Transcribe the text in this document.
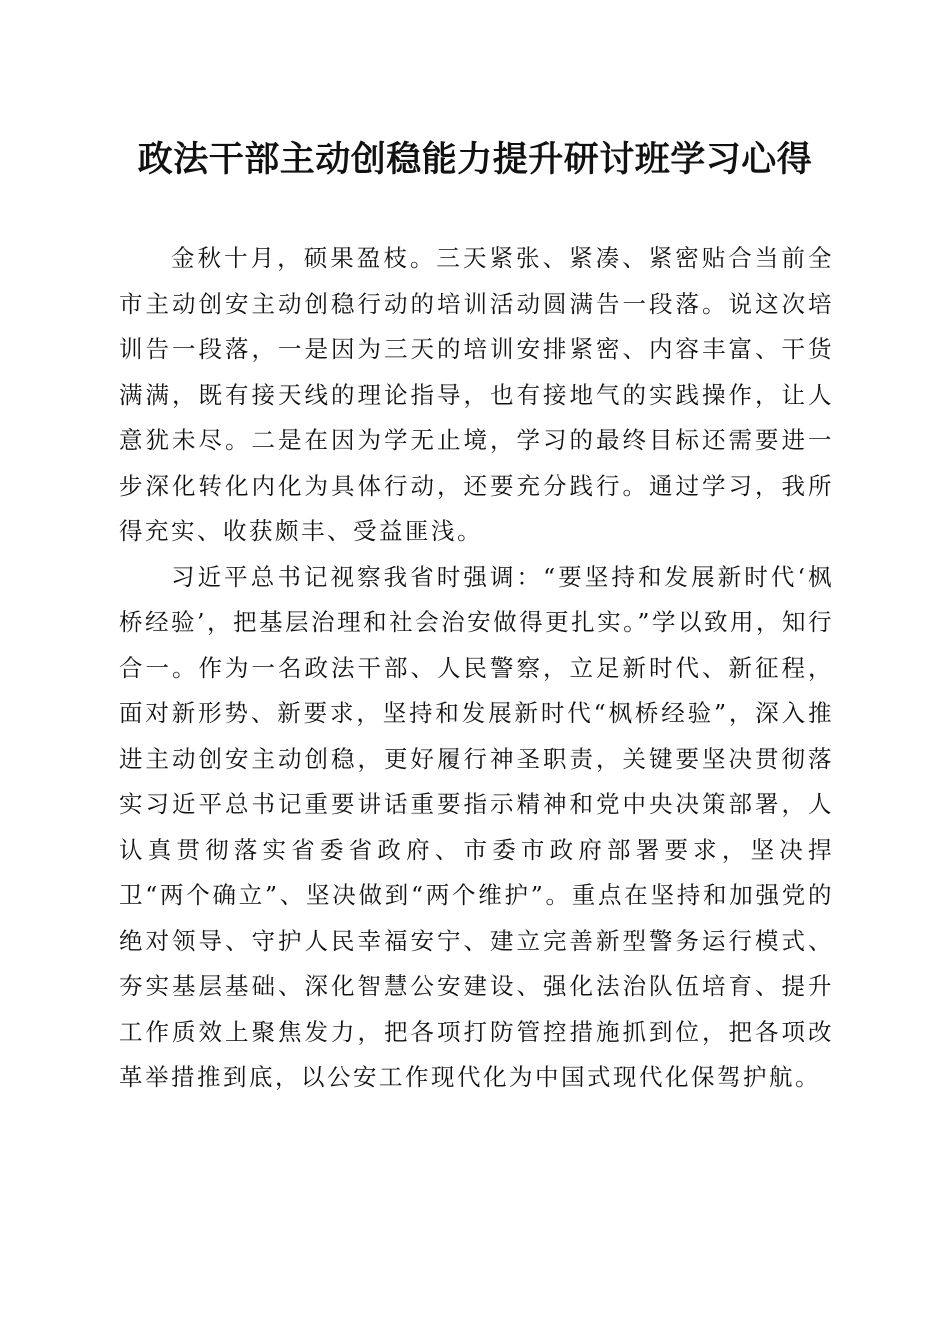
政法干部主动创稳能力提升研讨班学习心得

金秋十月，硕果盈枝。三天紧张、紧凑、紧密贴合当前全市主动创安主动创稳行动的培训活动圆满告一段落。说这次培训告一段落，一是因为三天的培训安排紧密、内容丰富、干货满满，既有接天线的理论指导，也有接地气的实践操作，让人意犹未尽。二是在因为学无止境，学习的最终目标还需要进一步深化转化内化为具体行动，还要充分践行。通过学习，我所得充实、收获颇丰、受益匪浅。

习近平总书记视察我省时强调：“要坚持和发展新时代‘枫桥经验’，把基层治理和社会治安做得更扎实。”学以致用，知行合一。作为一名政法干部、人民警察，立足新时代、新征程，面对新形势、新要求，坚持和发展新时代“枫桥经验”，深入推进主动创安主动创稳，更好履行神圣职责，关键要坚决贯彻落实习近平总书记重要讲话重要指示精神和党中央决策部署，人认真贯彻落实省委省政府、市委市政府部署要求，坚决捍卫“两个确立”、坚决做到“两个维护”。重点在坚持和加强党的绝对领导、守护人民幸福安宁、建立完善新型警务运行模式、夯实基层基础、深化智慧公安建设、强化法治队伍培育、提升工作质效上聚焦发力，把各项打防管控措施抓到位，把各项改革举措推到底，以公安工作现代化为中国式现代化保驾护航。
